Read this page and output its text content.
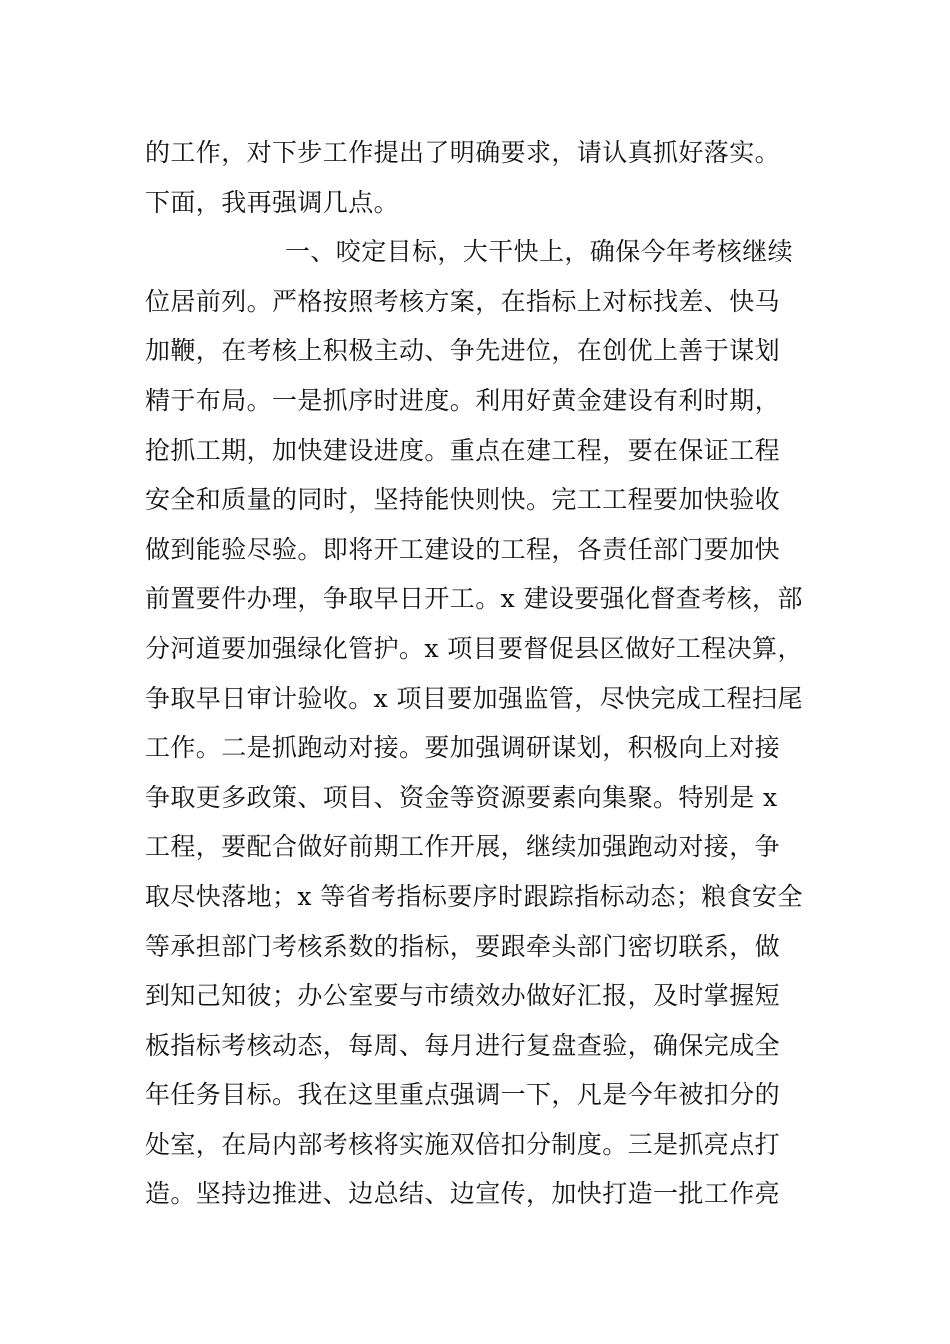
的工作，对下步工作提出了明确要求，请认真抓好落实。
下面，我再强调几点。
一、咬定目标，大干快上，确保今年考核继续
位居前列。严格按照考核方案，在指标上对标找差、快马
加鞭，在考核上积极主动、争先进位，在创优上善于谋划
精于布局。一是抓序时进度。利用好黄金建设有利时期，
抢抓工期，加快建设进度。重点在建工程，要在保证工程
安全和质量的同时，坚持能快则快。完工工程要加快验收
做到能验尽验。即将开工建设的工程，各责任部门要加快
前置要件办理，争取早日开工。x 建设要强化督查考核，部
分河道要加强绿化管护。x 项目要督促县区做好工程决算，
争取早日审计验收。x 项目要加强监管，尽快完成工程扫尾
工作。二是抓跑动对接。要加强调研谋划，积极向上对接
争取更多政策、项目、资金等资源要素向集聚。特别是 x
工程，要配合做好前期工作开展，继续加强跑动对接，争
取尽快落地；x 等省考指标要序时跟踪指标动态；粮食安全
等承担部门考核系数的指标，要跟牵头部门密切联系，做
到知己知彼；办公室要与市绩效办做好汇报，及时掌握短
板指标考核动态，每周、每月进行复盘查验，确保完成全
年任务目标。我在这里重点强调一下，凡是今年被扣分的
处室，在局内部考核将实施双倍扣分制度。三是抓亮点打
造。坚持边推进、边总结、边宣传，加快打造一批工作亮
